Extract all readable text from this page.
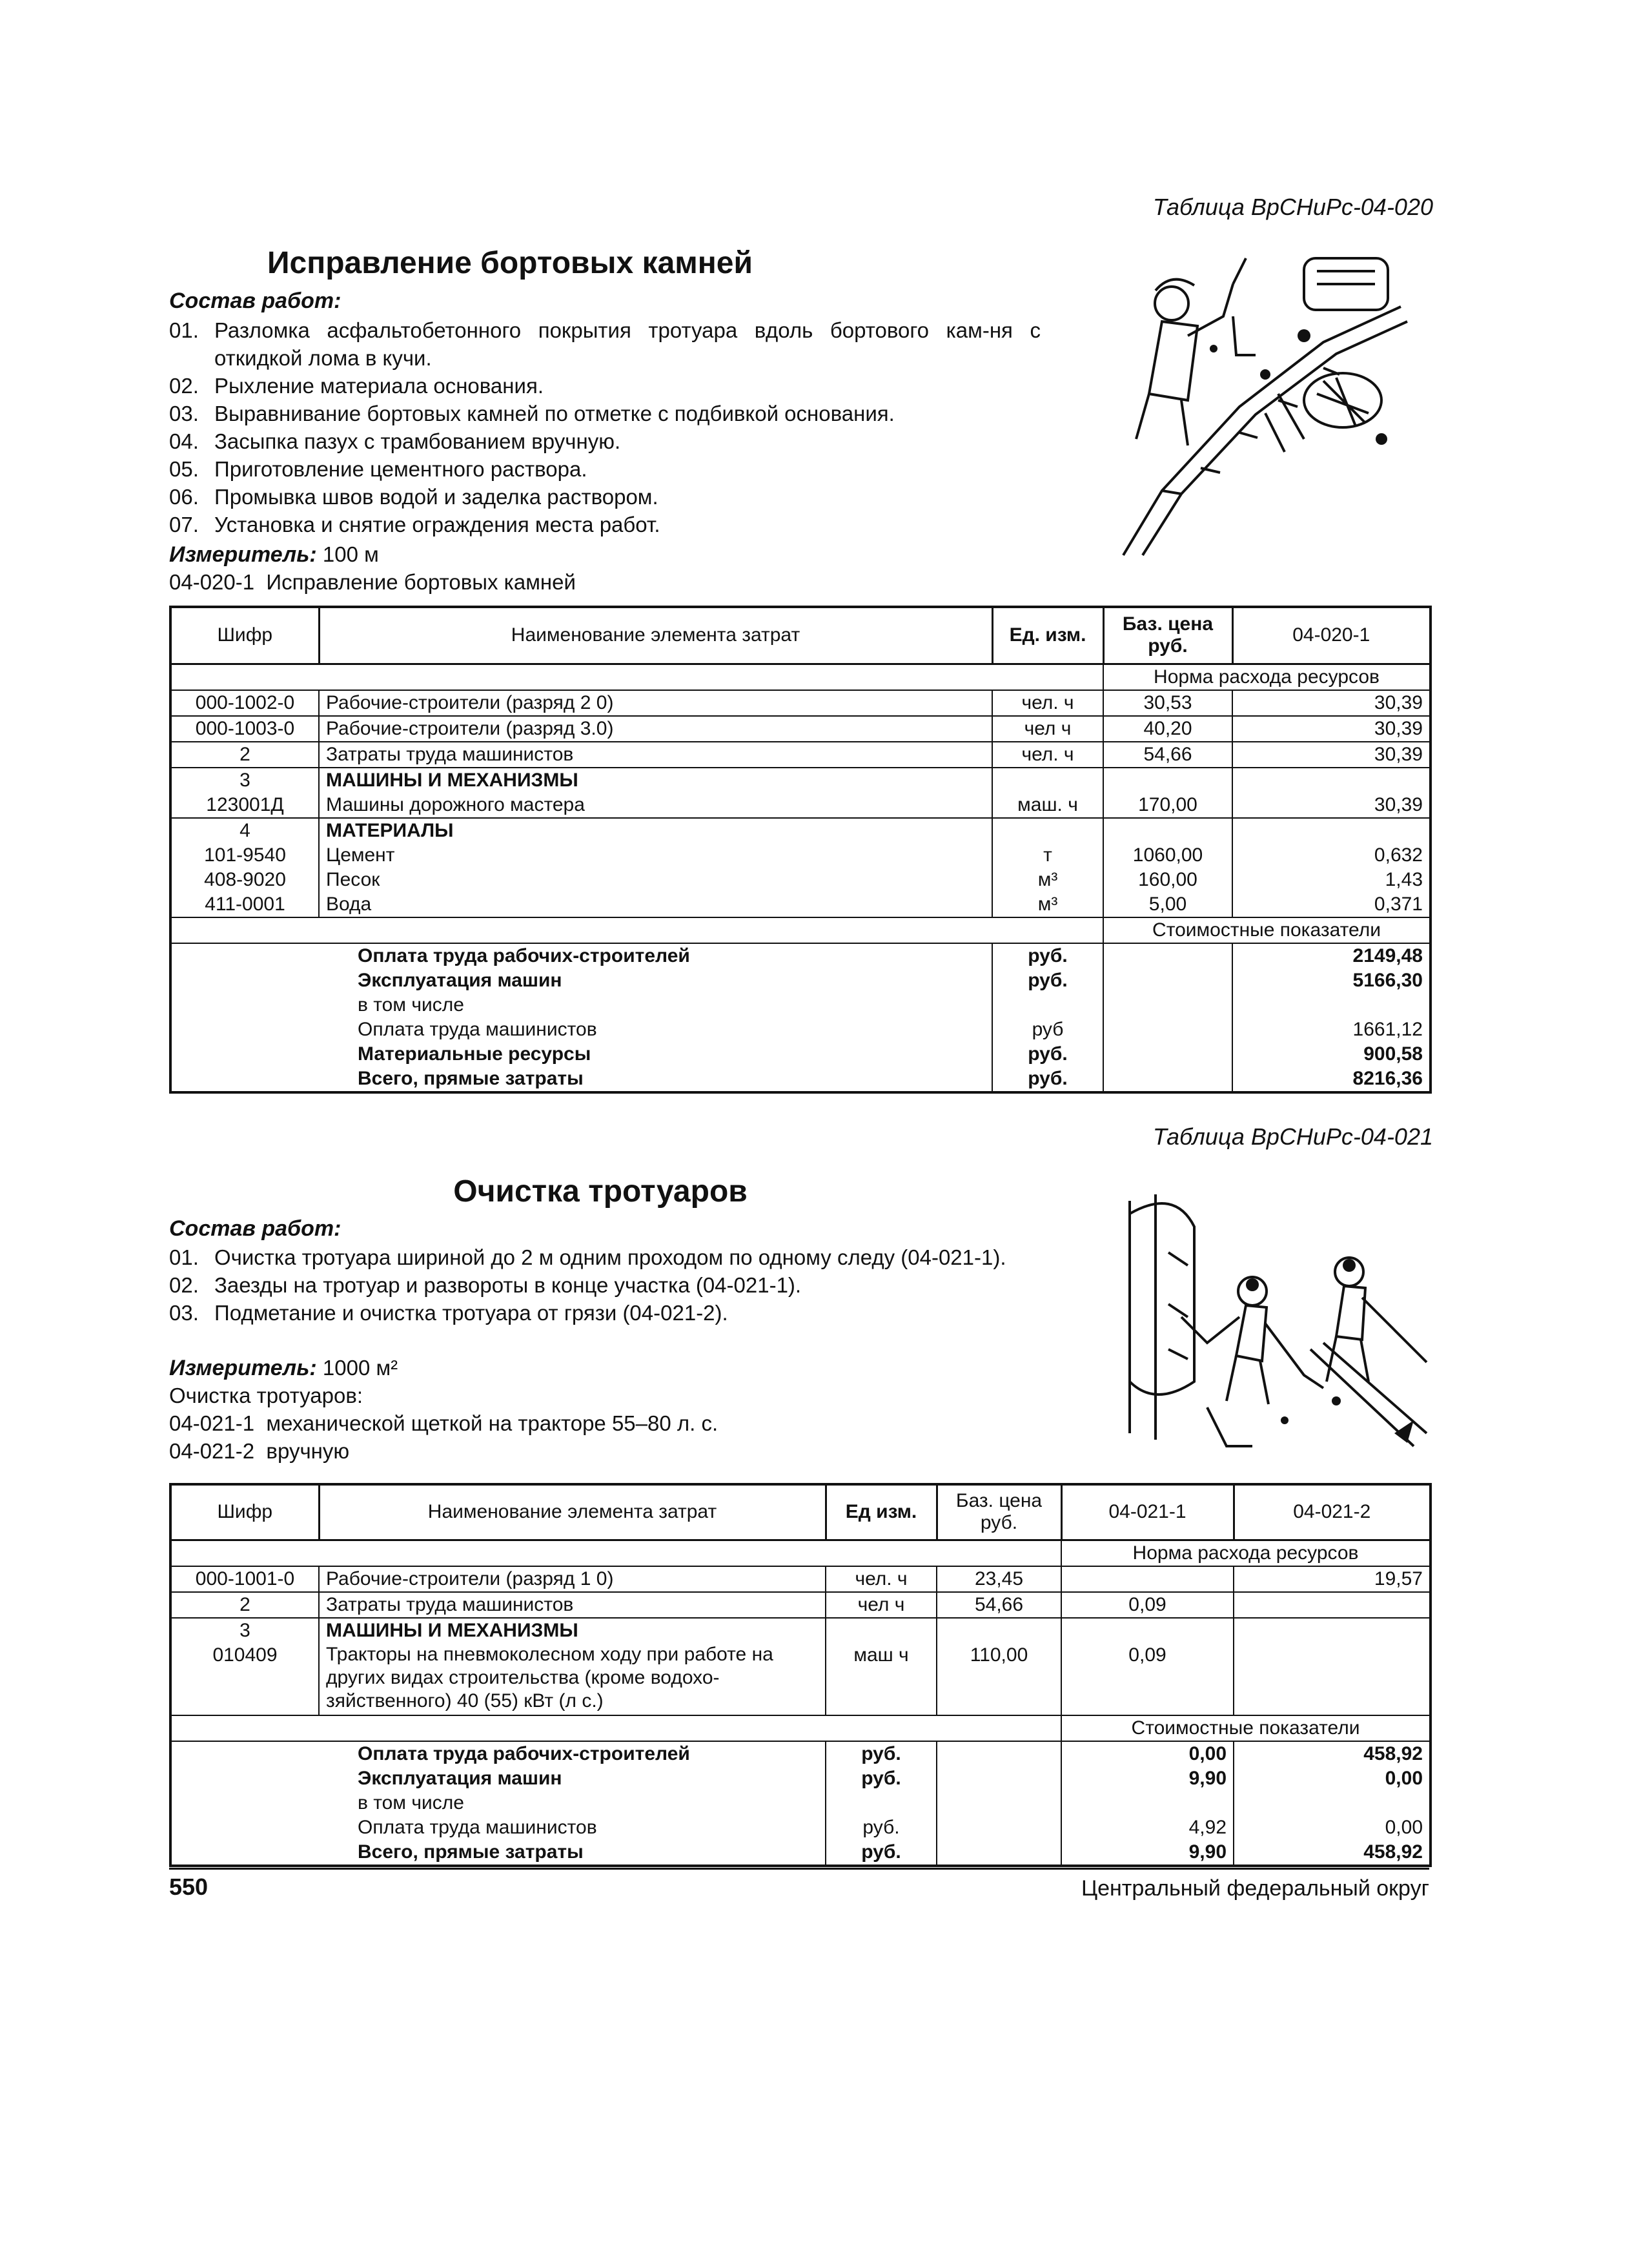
Таблица ВрСНиРс-04-020
Исправление бортовых камней
Состав работ:
01. Разломка асфальтобетонного покрытия тротуара вдоль бортового кам-ня с откидкой лома в кучи.
02. Рыхление материала основания.
03. Выравнивание бортовых камней по отметке с подбивкой основания.
04. Засыпка пазух с трамбованием вручную.
05. Приготовление цементного раствора.
06. Промывка швов водой и заделка раствором.
07. Установка и снятие ограждения места работ.
Измеритель: 100 м
04-020-1  Исправление бортовых камней
Шифр	Наименование элемента затрат	Ед. изм.	Баз. цена руб.	04-020-1
			Норма расхода ресурсов	
000-1002-0	Рабочие-строители (разряд 2 0)	чел. ч	30,53	30,39
000-1003-0	Рабочие-строители (разряд 3.0)	чел ч	40,20	30,39
2	Затраты труда машинистов	чел. ч	54,66	30,39
3	МАШИНЫ И МЕХАНИЗМЫ			
123001Д	Машины дорожного мастера	маш. ч	170,00	30,39
4	МАТЕРИАЛЫ			
101-9540	Цемент	т	1060,00	0,632
408-9020	Песок	м³	160,00	1,43
411-0001	Вода	м³	5,00	0,371
			Стоимостные показатели	
	Оплата труда рабочих-строителей	руб.		2149,48
	Эксплуатация машин	руб.		5166,30
	в том числе			
	Оплата труда машинистов	руб		1661,12
	Материальные ресурсы	руб.		900,58
	Всего, прямые затраты	руб.		8216,36
Таблица ВрСНиРс-04-021
Очистка тротуаров
Состав работ:
01. Очистка тротуара шириной до 2 м одним проходом по одному следу (04-021-1).
02. Заезды на тротуар и развороты в конце участка (04-021-1).
03. Подметание и очистка тротуара от грязи (04-021-2).
Измеритель: 1000 м²
Очистка тротуаров:
04-021-1  механической щеткой на тракторе 55–80 л. с.
04-021-2  вручную
Шифр	Наименование элемента затрат	Ед изм.	Баз. цена руб.	04-021-1	04-021-2
				Норма расхода ресурсов	
000-1001-0	Рабочие-строители (разряд 1 0)	чел. ч	23,45		19,57
2	Затраты труда машинистов	чел ч	54,66	0,09	
3	МАШИНЫ И МЕХАНИЗМЫ				
010409	Тракторы на пневмоколесном ходу при работе на других видах строительства (кроме водохо-зяйственного) 40 (55) кВт (л с.)	маш ч	110,00	0,09	
				Стоимостные показатели	
	Оплата труда рабочих-строителей	руб.		0,00	458,92
	Эксплуатация машин	руб.		9,90	0,00
	в том числе				
	Оплата труда машинистов	руб.		4,92	0,00
	Всего, прямые затраты	руб.		9,90	458,92
550	Центральный федеральный округ
